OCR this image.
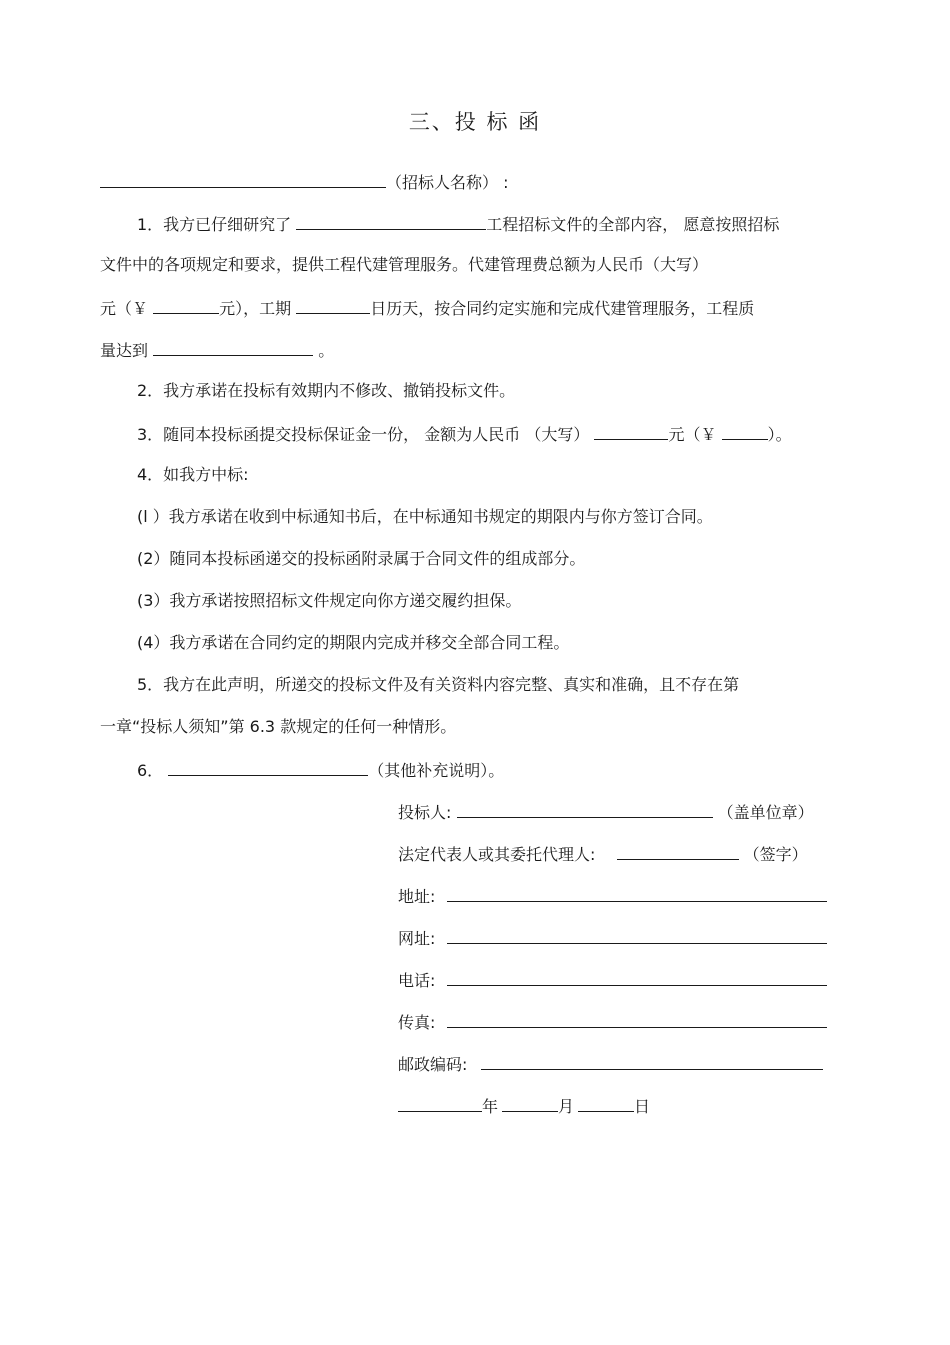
三、投 标 函
（招标人名称） :
1．我方已仔细研究了	工程招标文件的全部内容， 愿意按照招标
文件中的各项规定和要求，提供工程代建管理服务。代建管理费总额为人民币（大写）
元（￥	元），工期	日历天，按合同约定实施和完成代建管理服务，工程质
量达到	。
2．我方承诺在投标有效期内不修改、撤销投标文件。
3．随同本投标函提交投标保证金一份， 金额为人民币 （大写）	元（￥	）。
4．如我方中标:
(l ）我方承诺在收到中标通知书后，在中标通知书规定的期限内与你方签订合同。
(2）随同本投标函递交的投标函附录属于合同文件的组成部分。
(3）我方承诺按照招标文件规定向你方递交履约担保。
(4）我方承诺在合同约定的期限内完成并移交全部合同工程。
5．我方在此声明，所递交的投标文件及有关资料内容完整、真实和准确，且不存在第
一章“投标人须知”第 6.3 款规定的任何一种情形。
6．	（其他补充说明）。
投标人:	（盖单位章）
法定代表人或其委托代理人:	（签字）
地址:
网址:
电话:
传真:
邮政编码:
年	月	日
